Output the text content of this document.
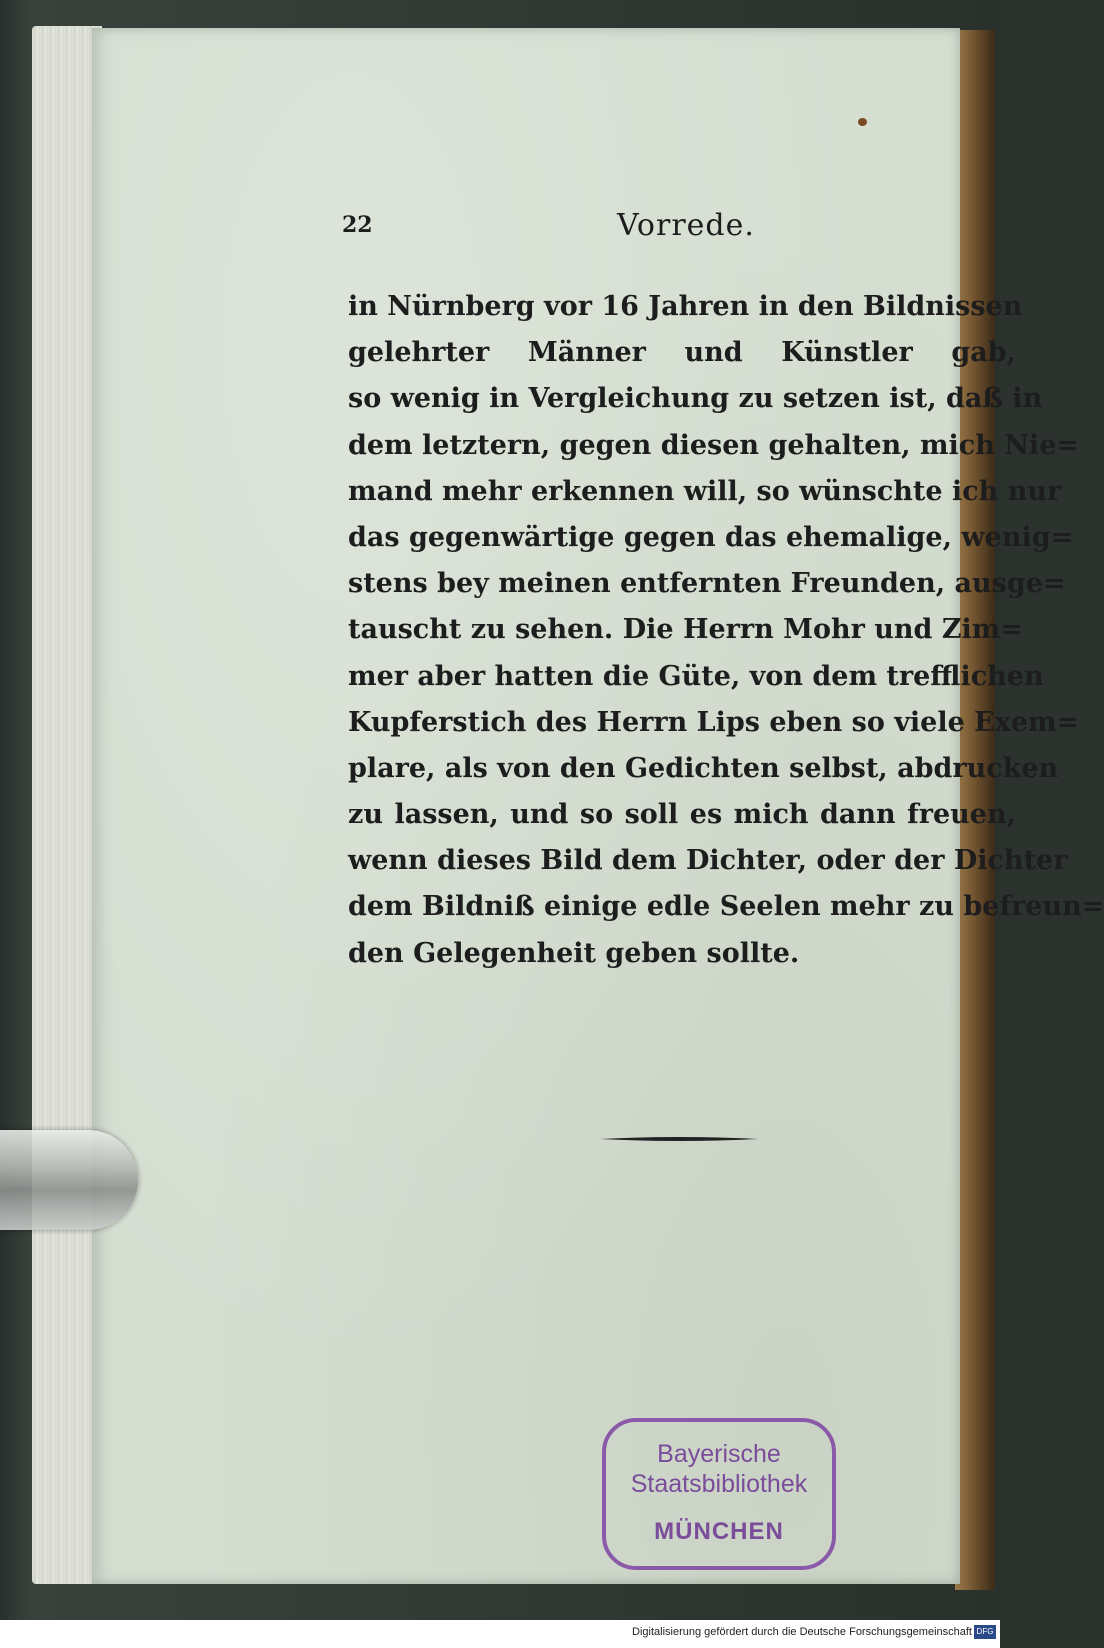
22	Vorrede.
in Nürnberg vor 16 Jahren in den Bildnissen
gelehrter Männer und Künstler gab,
so wenig in Vergleichung zu setzen ist, daß in
dem letztern, gegen diesen gehalten, mich Nie=
mand mehr erkennen will, so wünschte ich nur
das gegenwärtige gegen das ehemalige, wenig=
stens bey meinen entfernten Freunden, ausge=
tauscht zu sehen. Die Herrn Mohr und Zim=
mer aber hatten die Güte, von dem trefflichen
Kupferstich des Herrn Lips eben so viele Exem=
plare, als von den Gedichten selbst, abdrucken
zu lassen, und so soll es mich dann freuen,
wenn dieses Bild dem Dichter, oder der Dichter
dem Bildniß einige edle Seelen mehr zu befreun=
den Gelegenheit geben sollte.
Bayerische
Staatsbibliothek
MÜNCHEN
Digitalisierung gefördert durch die Deutsche Forschungsgemeinschaft DFG
